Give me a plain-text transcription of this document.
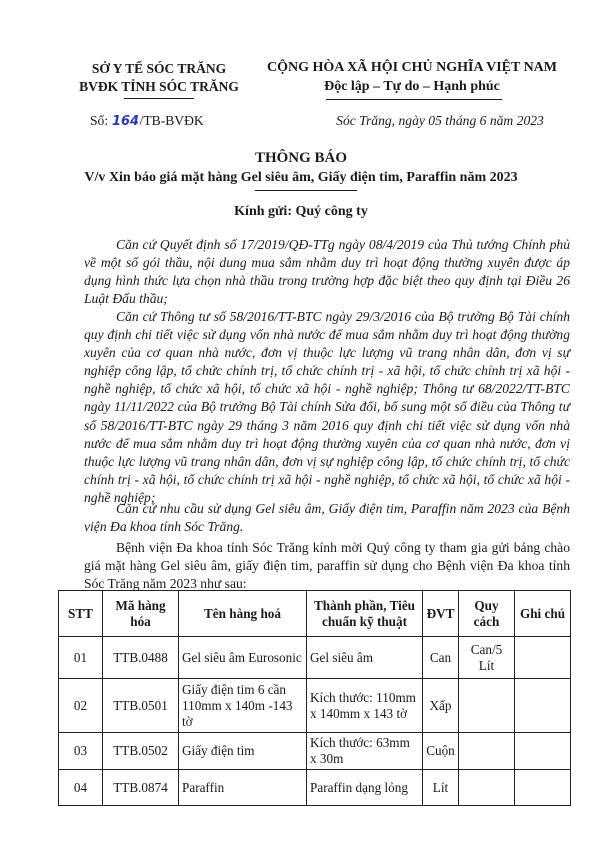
SỞ Y TẾ SÓC TRĂNG
BVĐK TỈNH SÓC TRĂNG
CỘNG HÒA XÃ HỘI CHỦ NGHĨA VIỆT NAM
Độc lập – Tự do – Hạnh phúc
Số: 164/TB-BVĐK	Sóc Trăng, ngày 05 tháng 6 năm 2023
THÔNG BÁO
V/v Xin báo giá mặt hàng Gel siêu âm, Giấy điện tim, Paraffin năm 2023
Kính gửi: Quý công ty
Căn cứ Quyết định số 17/2019/QĐ-TTg ngày 08/4/2019 của Thủ tướng Chính phủ về một số gói thầu, nội dung mua sắm nhằm duy trì hoạt động thường xuyên được áp dụng hình thức lựa chọn nhà thầu trong trường hợp đặc biệt theo quy định tại Điều 26 Luật Đấu thầu;
Căn cứ Thông tư số 58/2016/TT-BTC ngày 29/3/2016 của Bộ trưởng Bộ Tài chính quy định chi tiết việc sử dụng vốn nhà nước để mua sắm nhằm duy trì hoạt động thường xuyên của cơ quan nhà nước, đơn vị thuộc lực lượng vũ trang nhân dân, đơn vị sự nghiệp công lập, tổ chức chính trị, tổ chức chính trị - xã hội, tổ chức chính trị xã hội - nghề nghiệp, tổ chức xã hội, tổ chức xã hội - nghề nghiệp; Thông tư 68/2022/TT-BTC ngày 11/11/2022 của Bộ trưởng Bộ Tài chính Sửa đổi, bổ sung một số điều của Thông tư số 58/2016/TT-BTC ngày 29 tháng 3 năm 2016 quy định chi tiết việc sử dụng vốn nhà nước để mua sắm nhằm duy trì hoạt động thường xuyên của cơ quan nhà nước, đơn vị thuộc lực lượng vũ trang nhân dân, đơn vị sự nghiệp công lập, tổ chức chính trị, tổ chức chính trị - xã hội, tổ chức chính trị xã hội - nghề nghiệp, tổ chức xã hội, tổ chức xã hội - nghề nghiệp;
Căn cứ nhu cầu sử dụng Gel siêu âm, Giấy điện tim, Paraffin năm 2023 của Bệnh viện Đa khoa tỉnh Sóc Trăng.
Bệnh viện Đa khoa tỉnh Sóc Trăng kính mời Quý công ty tham gia gửi bảng chào giá mặt hàng Gel siêu âm, giấy điện tim, paraffin sử dụng cho Bệnh viện Đa khoa tỉnh Sóc Trăng năm 2023 như sau:
STT	Mã hàng hóa	Tên hàng hoá	Thành phần, Tiêu chuẩn kỹ thuật	ĐVT	Quy cách	Ghi chú
01	TTB.0488	Gel siêu âm Eurosonic	Gel siêu âm	Can	Can/5 Lít	
02	TTB.0501	Giấy điện tim 6 cần 110mm x 140m -143 tờ	Kích thước: 110mm x 140mm x 143 tờ	Xấp		
03	TTB.0502	Giấy điện tim	Kích thước: 63mm x 30m	Cuộn		
04	TTB.0874	Paraffin	Paraffin dạng lỏng	Lít		
